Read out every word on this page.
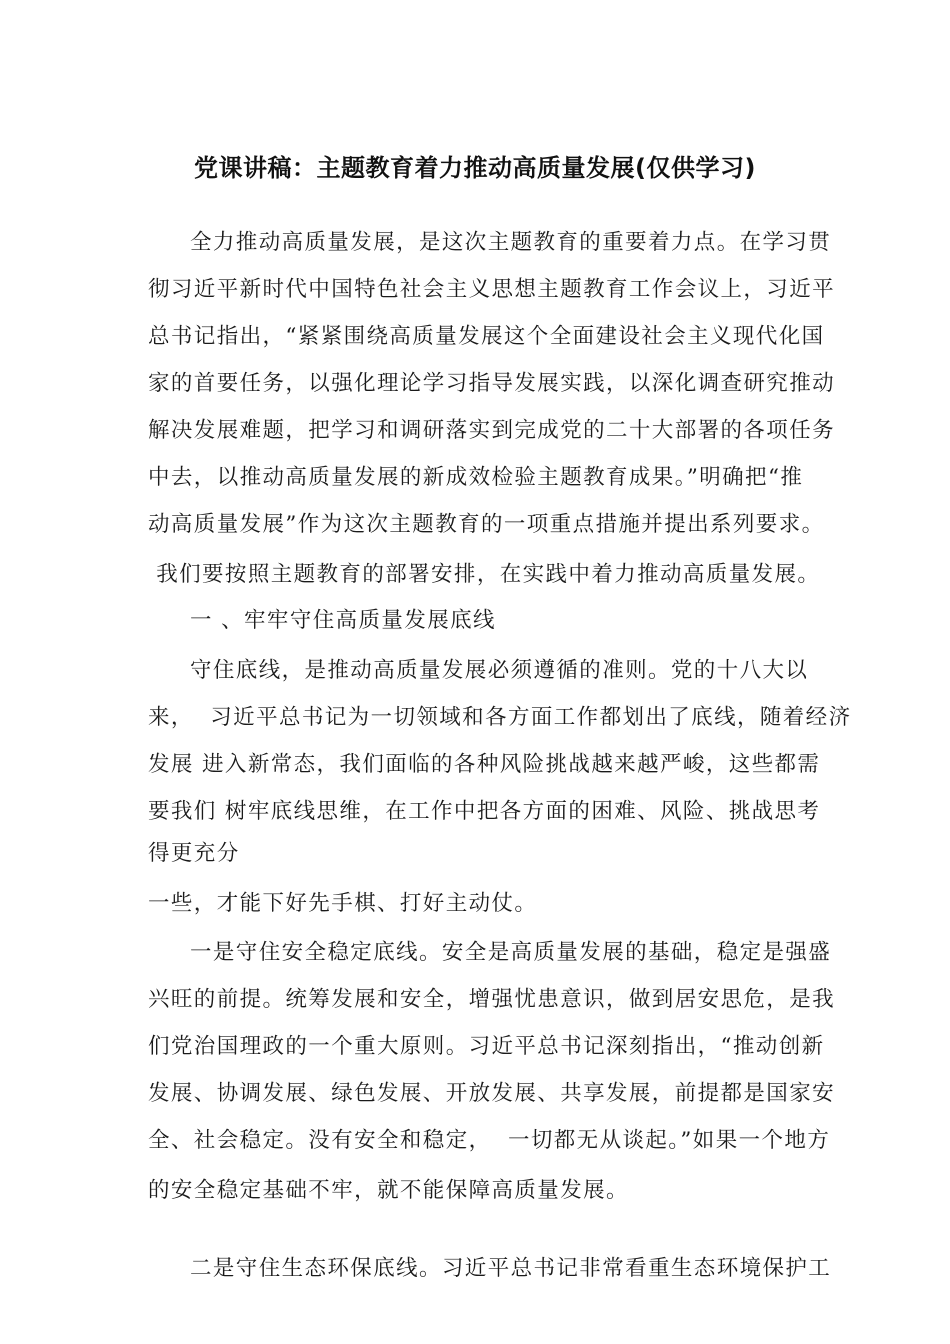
党课讲稿：主题教育着力推动高质量发展(仅供学习)
全力推动高质量发展，是这次主题教育的重要着力点。在学习贯
彻习近平新时代中国特色社会主义思想主题教育工作会议上，习近平
总书记指出，“紧紧围绕高质量发展这个全面建设社会主义现代化国
家的首要任务，以强化理论学习指导发展实践，以深化调查研究推动
解决发展难题，把学习和调研落实到完成党的二十大部署的各项任务
中去，以推动高质量发展的新成效检验主题教育成果。”明确把“推
动高质量发展”作为这次主题教育的一项重点措施并提出系列要求。
我们要按照主题教育的部署安排，在实践中着力推动高质量发展。
一 、牢牢守住高质量发展底线
守住底线，是推动高质量发展必须遵循的准则。党的十八大以
来，  习近平总书记为一切领域和各方面工作都划出了底线，随着经济
发展 进入新常态，我们面临的各种风险挑战越来越严峻，这些都需
要我们 树牢底线思维，在工作中把各方面的困难、风险、挑战思考
得更充分
一些，才能下好先手棋、打好主动仗。
一是守住安全稳定底线。安全是高质量发展的基础，稳定是强盛
兴旺的前提。统筹发展和安全，增强忧患意识，做到居安思危，是我
们党治国理政的一个重大原则。习近平总书记深刻指出，“推动创新
发展、协调发展、绿色发展、开放发展、共享发展，前提都是国家安
全、社会稳定。没有安全和稳定，  一切都无从谈起。”如果一个地方
的安全稳定基础不牢，就不能保障高质量发展。
二是守住生态环保底线。习近平总书记非常看重生态环境保护工
